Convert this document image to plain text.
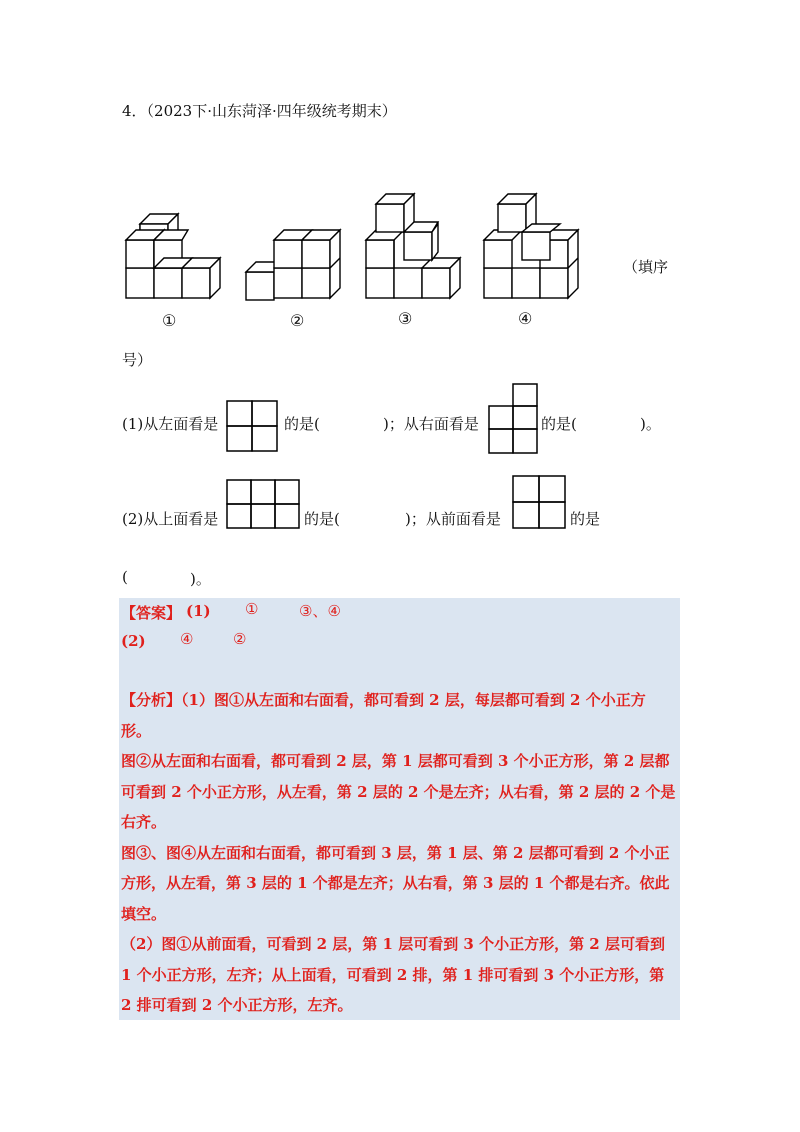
4．（2023下·山东菏泽·四年级统考期末）
①	②	③	④
（填序
号）
(1)从左面看是	的是(	)；从右面看是	的是(	)。
(2)从上面看是	的是(	)；从前面看是	的是
(	)。
【答案】 (1) ①	③、④
(2) ④	②
【分析】（1）图①从左面和右面看，都可看到 2 层，每层都可看到 2 个小正方
形。
图②从左面和右面看，都可看到 2 层，第 1 层都可看到 3 个小正方形，第 2 层都
可看到 2 个小正方形，从左看，第 2 层的 2 个是左齐；从右看，第 2 层的 2 个是
右齐。
图③、图④从左面和右面看，都可看到 3 层，第 1 层、第 2 层都可看到 2 个小正
方形，从左看，第 3 层的 1 个都是左齐；从右看，第 3 层的 1 个都是右齐。依此
填空。
（2）图①从前面看，可看到 2 层，第 1 层可看到 3 个小正方形，第 2 层可看到
1 个小正方形，左齐；从上面看，可看到 2 排，第 1 排可看到 3 个小正方形，第
2 排可看到 2 个小正方形，左齐。
